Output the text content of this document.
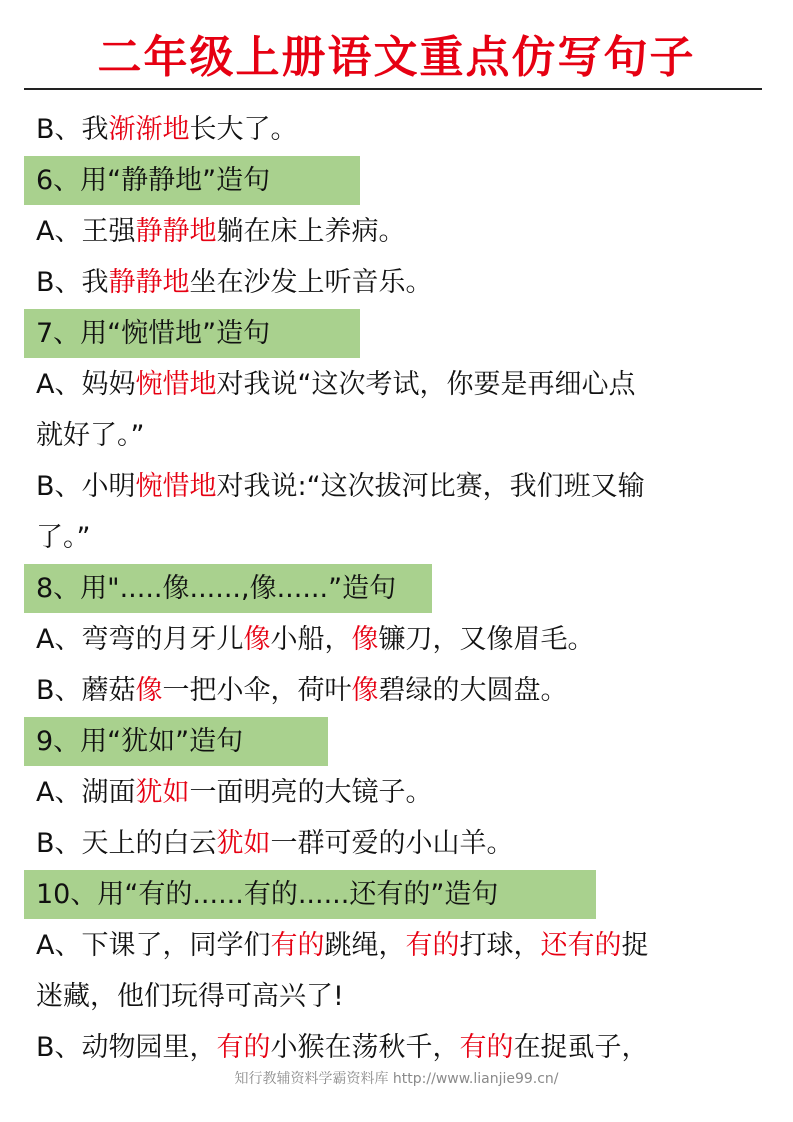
二年级上册语文重点仿写句子
B、我渐渐地长大了。
6、用“静静地”造句
A、王强静静地躺在床上养病。
B、我静静地坐在沙发上听音乐。
7、用“惋惜地”造句
A、妈妈惋惜地对我说“这次考试，你要是再细心点
就好了。”
B、小明惋惜地对我说:“这次拔河比赛，我们班又输
了。”
8、用".....像......,像......”造句
A、弯弯的月牙儿像小船，像镰刀，又像眉毛。
B、蘑菇像一把小伞，荷叶像碧绿的大圆盘。
9、用“犹如”造句
A、湖面犹如一面明亮的大镜子。
B、天上的白云犹如一群可爱的小山羊。
10、用“有的......有的......还有的”造句
A、下课了，同学们有的跳绳，有的打球，还有的捉
迷藏，他们玩得可高兴了!
B、动物园里，有的小猴在荡秋千，有的在捉虱子，
知行教辅资料学霸资料库 http://www.lianjie99.cn/
